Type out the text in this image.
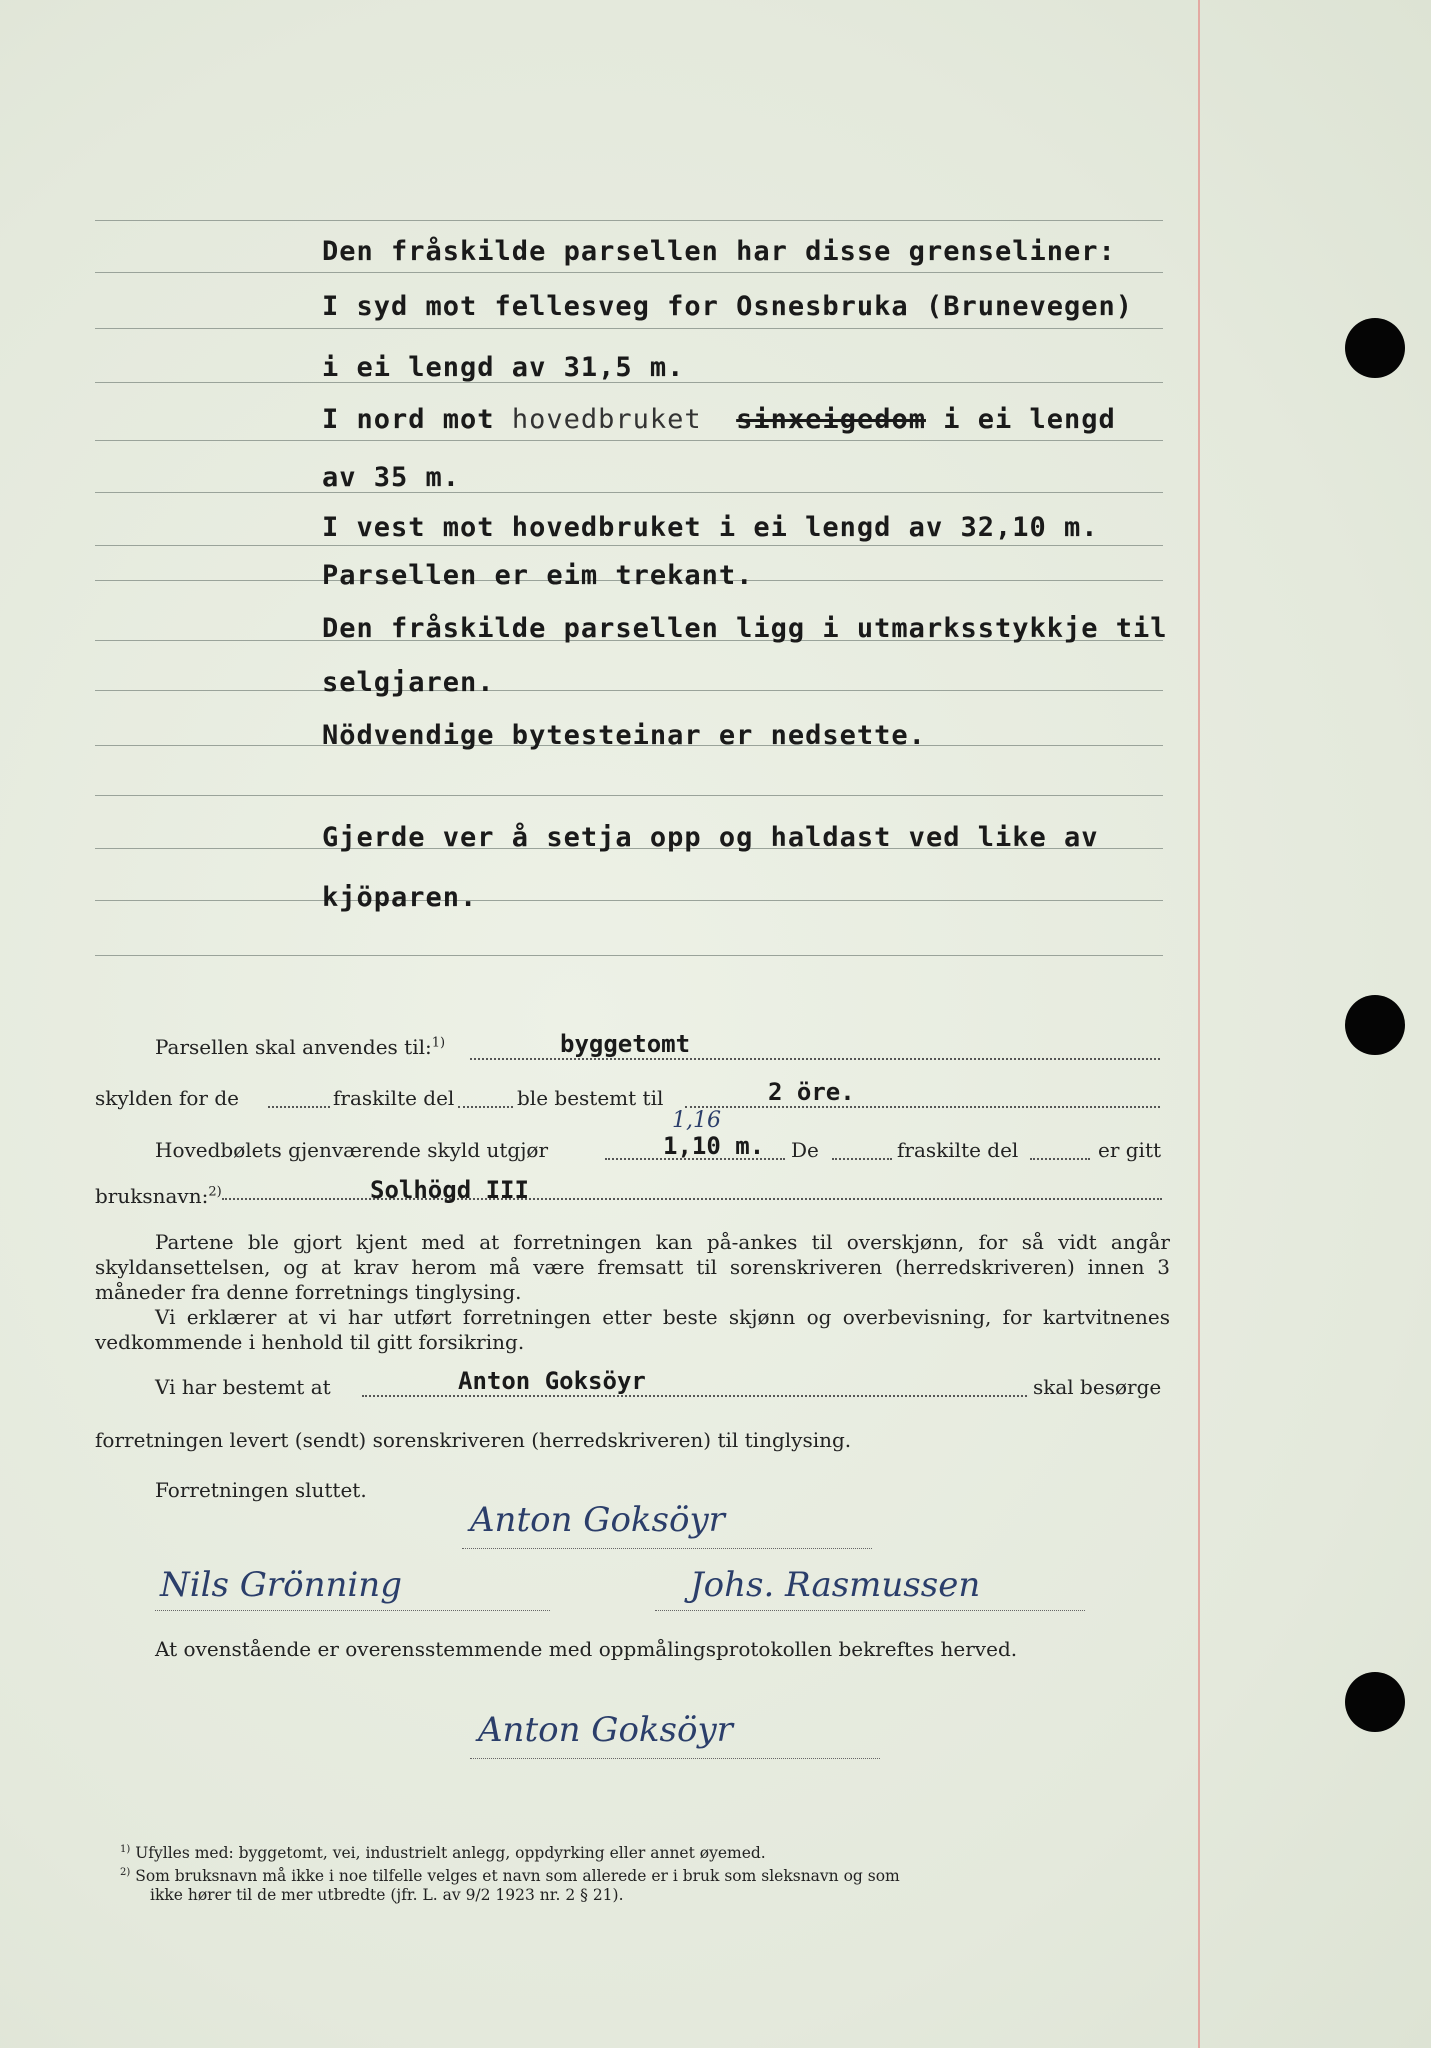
Den fråskilde parsellen har disse grenseliner:
I syd mot fellesveg for Osnesbruka (Brunevegen)
i ei lengd av 31,5 m.
I nord mot hovedbruket sinxeigedom i ei lengd
av 35 m.
I vest mot hovedbruket i ei lengd av 32,10 m.
Parsellen er eim trekant.
Den fråskilde parsellen ligg i utmarksstykkje til
selgjaren.
Nödvendige bytesteinar er nedsette.
Gjerde ver å setja opp og haldast ved like av
kjöparen.
Parsellen skal anvendes til:$^{1)}$	byggetomt
skylden for de	fraskilte del	ble bestemt til	2 öre.
1,16
Hovedbølets gjenværende skyld utgjør	1,10 m. De	fraskilte del	er gitt
bruksnavn:$^{2)}$	Solhögd III
Partene ble gjort kjent med at forretningen kan på-ankes til overskjønn, for så vidt angår skyldansettelsen, og at krav herom må være fremsatt til sorenskriveren (herredskriveren) innen 3 måneder fra denne forretnings tinglysing.
Vi erklærer at vi har utført forretningen etter beste skjønn og overbevisning, for kartvitnenes vedkommende i henhold til gitt forsikring.
Vi har bestemt at	Anton Goksöyr	skal besørge
forretningen levert (sendt) sorenskriveren (herredskriveren) til tinglysing.
Forretningen sluttet.
Anton Goksöyr
Nils Grönning	Johs. Rasmussen
At ovenstående er overensstemmende med oppmålingsprotokollen bekreftes herved.
Anton Goksöyr

$^{1)}$ Ufylles med: byggetomt, vei, industrielt anlegg, oppdyrking eller annet øyemed.

$^{2)}$ Som bruksnavn må ikke i noe tilfelle velges et navn som allerede er i bruk som sleksnavn og som

ikke hører til de mer utbredte (jfr. L. av 9/2 1923 nr. 2 § 21).
